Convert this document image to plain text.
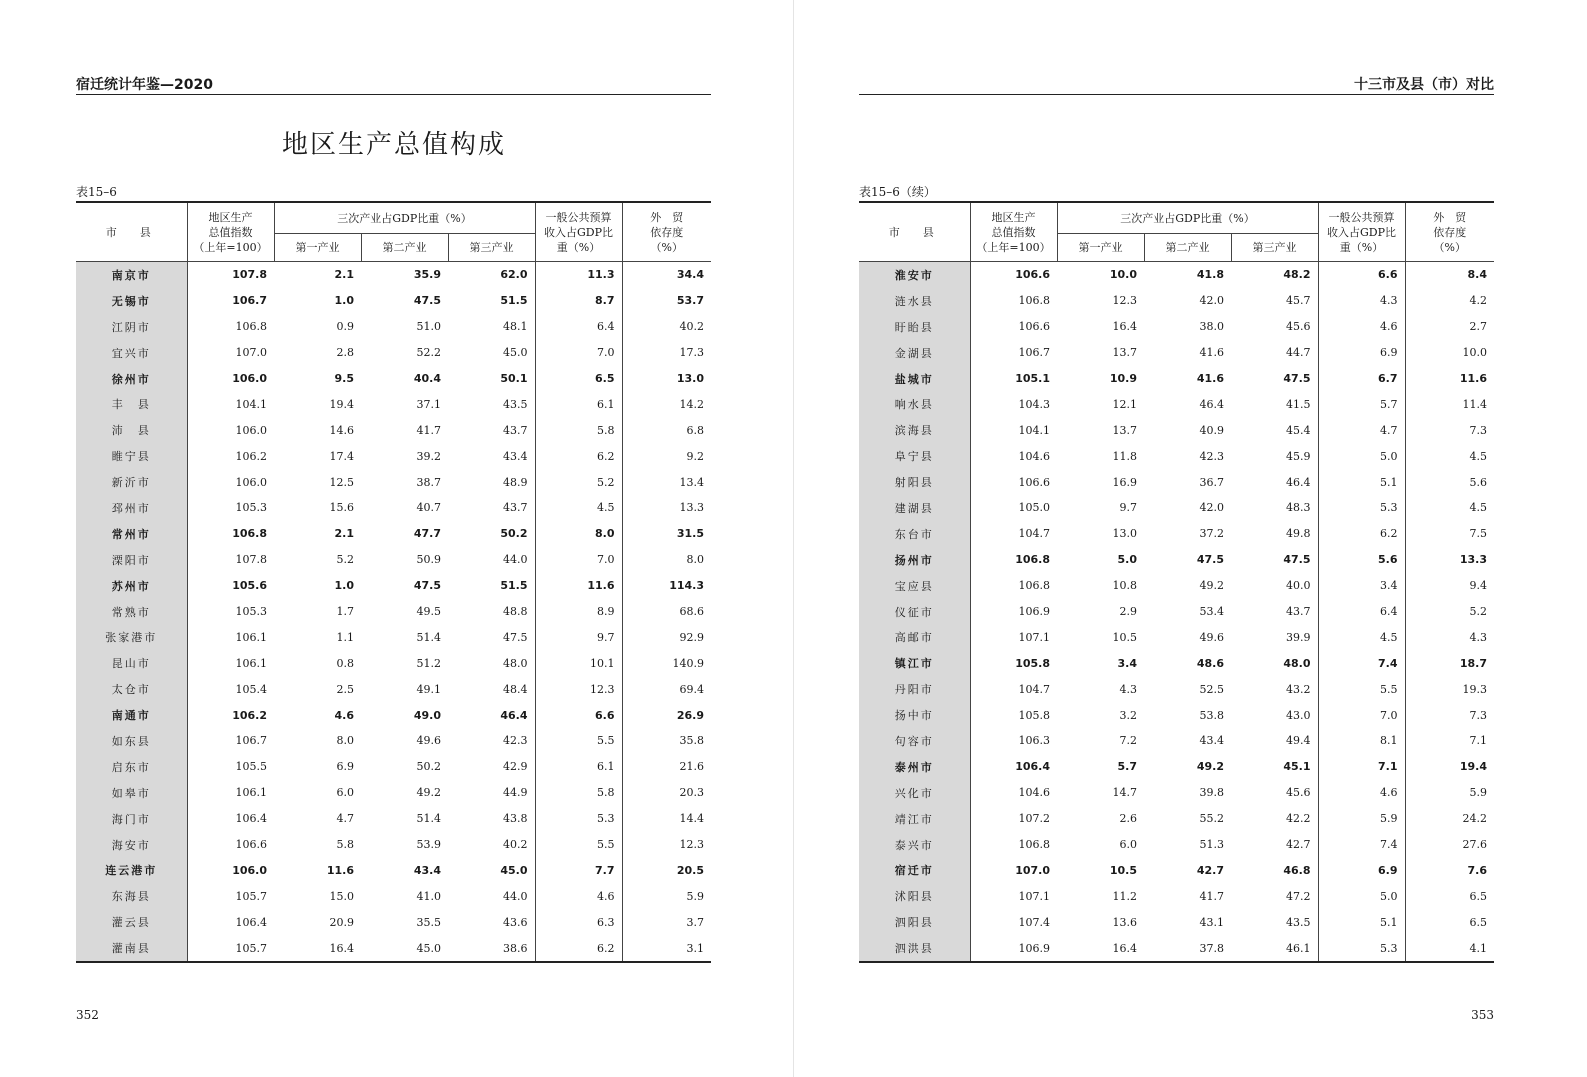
宿迁统计年鉴—2020
地区生产总值构成
表15–6
市　县	地区生产
总值指数
（上年=100）	三次产业占GDP比重（%）			一般公共预算
收入占GDP比
重（%）	外　贸
依存度
（%）
		第一产业	第二产业	第三产业		
南京市	107.8	2.1	35.9	62.0	11.3	34.4
无锡市	106.7	1.0	47.5	51.5	8.7	53.7
江阴市	106.8	0.9	51.0	48.1	6.4	40.2
宜兴市	107.0	2.8	52.2	45.0	7.0	17.3
徐州市	106.0	9.5	40.4	50.1	6.5	13.0
丰　县	104.1	19.4	37.1	43.5	6.1	14.2
沛　县	106.0	14.6	41.7	43.7	5.8	6.8
睢宁县	106.2	17.4	39.2	43.4	6.2	9.2
新沂市	106.0	12.5	38.7	48.9	5.2	13.4
邳州市	105.3	15.6	40.7	43.7	4.5	13.3
常州市	106.8	2.1	47.7	50.2	8.0	31.5
溧阳市	107.8	5.2	50.9	44.0	7.0	8.0
苏州市	105.6	1.0	47.5	51.5	11.6	114.3
常熟市	105.3	1.7	49.5	48.8	8.9	68.6
张家港市	106.1	1.1	51.4	47.5	9.7	92.9
昆山市	106.1	0.8	51.2	48.0	10.1	140.9
太仓市	105.4	2.5	49.1	48.4	12.3	69.4
南通市	106.2	4.6	49.0	46.4	6.6	26.9
如东县	106.7	8.0	49.6	42.3	5.5	35.8
启东市	105.5	6.9	50.2	42.9	6.1	21.6
如皋市	106.1	6.0	49.2	44.9	5.8	20.3
海门市	106.4	4.7	51.4	43.8	5.3	14.4
海安市	106.6	5.8	53.9	40.2	5.5	12.3
连云港市	106.0	11.6	43.4	45.0	7.7	20.5
东海县	105.7	15.0	41.0	44.0	4.6	5.9
灌云县	106.4	20.9	35.5	43.6	6.3	3.7
灌南县	105.7	16.4	45.0	38.6	6.2	3.1
352
十三市及县（市）对比
表15–6（续）
市　县	地区生产
总值指数
（上年=100）	三次产业占GDP比重（%）			一般公共预算
收入占GDP比
重（%）	外　贸
依存度
（%）
		第一产业	第二产业	第三产业		
淮安市	106.6	10.0	41.8	48.2	6.6	8.4
涟水县	106.8	12.3	42.0	45.7	4.3	4.2
盱眙县	106.6	16.4	38.0	45.6	4.6	2.7
金湖县	106.7	13.7	41.6	44.7	6.9	10.0
盐城市	105.1	10.9	41.6	47.5	6.7	11.6
响水县	104.3	12.1	46.4	41.5	5.7	11.4
滨海县	104.1	13.7	40.9	45.4	4.7	7.3
阜宁县	104.6	11.8	42.3	45.9	5.0	4.5
射阳县	106.6	16.9	36.7	46.4	5.1	5.6
建湖县	105.0	9.7	42.0	48.3	5.3	4.5
东台市	104.7	13.0	37.2	49.8	6.2	7.5
扬州市	106.8	5.0	47.5	47.5	5.6	13.3
宝应县	106.8	10.8	49.2	40.0	3.4	9.4
仪征市	106.9	2.9	53.4	43.7	6.4	5.2
高邮市	107.1	10.5	49.6	39.9	4.5	4.3
镇江市	105.8	3.4	48.6	48.0	7.4	18.7
丹阳市	104.7	4.3	52.5	43.2	5.5	19.3
扬中市	105.8	3.2	53.8	43.0	7.0	7.3
句容市	106.3	7.2	43.4	49.4	8.1	7.1
泰州市	106.4	5.7	49.2	45.1	7.1	19.4
兴化市	104.6	14.7	39.8	45.6	4.6	5.9
靖江市	107.2	2.6	55.2	42.2	5.9	24.2
泰兴市	106.8	6.0	51.3	42.7	7.4	27.6
宿迁市	107.0	10.5	42.7	46.8	6.9	7.6
沭阳县	107.1	11.2	41.7	47.2	5.0	6.5
泗阳县	107.4	13.6	43.1	43.5	5.1	6.5
泗洪县	106.9	16.4	37.8	46.1	5.3	4.1
353
